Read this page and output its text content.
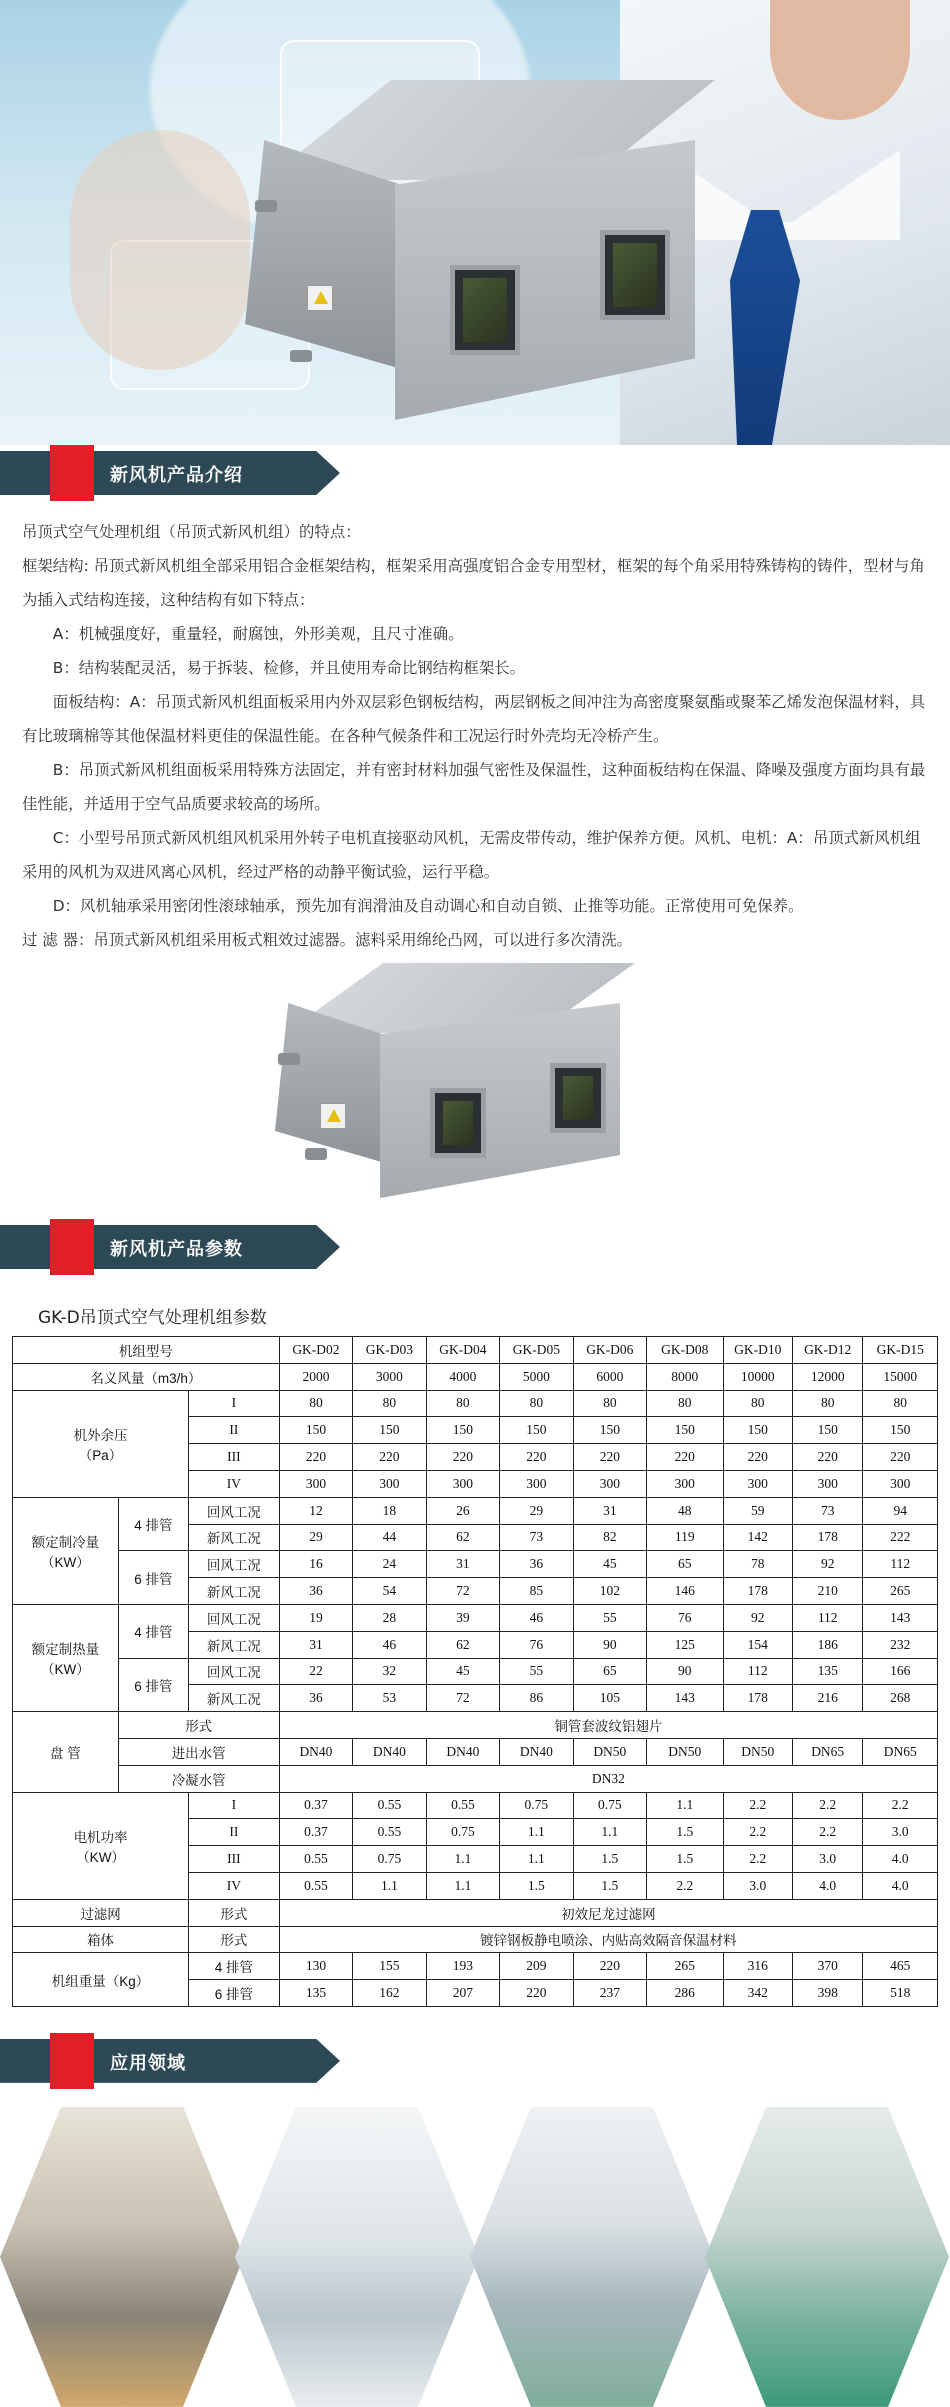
新风机产品介绍

吊顶式空气处理机组（吊顶式新风机组）的特点：

框架结构: 吊顶式新风机组全部采用铝合金框架结构，框架采用高强度铝合金专用型材，框架的每个角采用特殊铸构的铸件，型材与角为插入式结构连接，这种结构有如下特点：

A：机械强度好，重量轻，耐腐蚀，外形美观，且尺寸准确。

B：结构装配灵活，易于拆装、检修，并且使用寿命比钢结构框架长。

面板结构：A：吊顶式新风机组面板采用内外双层彩色钢板结构，两层钢板之间冲注为高密度聚氨酯或聚苯乙烯发泡保温材料，具有比玻璃棉等其他保温材料更佳的保温性能。在各种气候条件和工况运行时外壳均无冷桥产生。

B：吊顶式新风机组面板采用特殊方法固定，并有密封材料加强气密性及保温性，这种面板结构在保温、降噪及强度方面均具有最佳性能，并适用于空气品质要求较高的场所。

C：小型号吊顶式新风机组风机采用外转子电机直接驱动风机，无需皮带传动，维护保养方便。风机、电机：A：吊顶式新风机组采用的风机为双进风离心风机，经过严格的动静平衡试验，运行平稳。

D：风机轴承采用密闭性滚球轴承，预先加有润滑油及自动调心和自动自锁、止推等功能。正常使用可免保养。

过 滤 器：吊顶式新风机组采用板式粗效过滤器。滤料采用绵纶凸网，可以进行多次清洗。

新风机产品参数
GK-D吊顶式空气处理机组参数
机组型号			GK-D02	GK-D03	GK-D04	GK-D05	GK-D06	GK-D08	GK-D10	GK-D12	GK-D15
名义风量（m3/h）			2000	3000	4000	5000	6000	8000	10000	12000	15000
机外余压
（Pa）		I	80	80	80	80	80	80	80	80	80
		II	150	150	150	150	150	150	150	150	150
		III	220	220	220	220	220	220	220	220	220
		IV	300	300	300	300	300	300	300	300	300
额定制冷量
（KW）	4 排管	回风工况	12	18	26	29	31	48	59	73	94
		新风工况	29	44	62	73	82	119	142	178	222
	6 排管	回风工况	16	24	31	36	45	65	78	92	112
		新风工况	36	54	72	85	102	146	178	210	265
额定制热量
（KW）	4 排管	回风工况	19	28	39	46	55	76	92	112	143
		新风工况	31	46	62	76	90	125	154	186	232
	6 排管	回风工况	22	32	45	55	65	90	112	135	166
		新风工况	36	53	72	86	105	143	178	216	268
盘 管	形式		铜管套波纹铝翅片								
	进出水管		DN40	DN40	DN40	DN40	DN50	DN50	DN50	DN65	DN65
	冷凝水管		DN32								
电机功率
（KW）		I	0.37	0.55	0.55	0.75	0.75	1.1	2.2	2.2	2.2
		II	0.37	0.55	0.75	1.1	1.1	1.5	2.2	2.2	3.0
		III	0.55	0.75	1.1	1.1	1.5	1.5	2.2	3.0	4.0
		IV	0.55	1.1	1.1	1.5	1.5	2.2	3.0	4.0	4.0
过滤网		形式	初效尼龙过滤网								
箱体		形式	镀锌钢板静电喷涂、内贴高效隔音保温材料								
机组重量（Kg）		4 排管	130	155	193	209	220	265	316	370	465
		6 排管	135	162	207	220	237	286	342	398	518
应用领域
